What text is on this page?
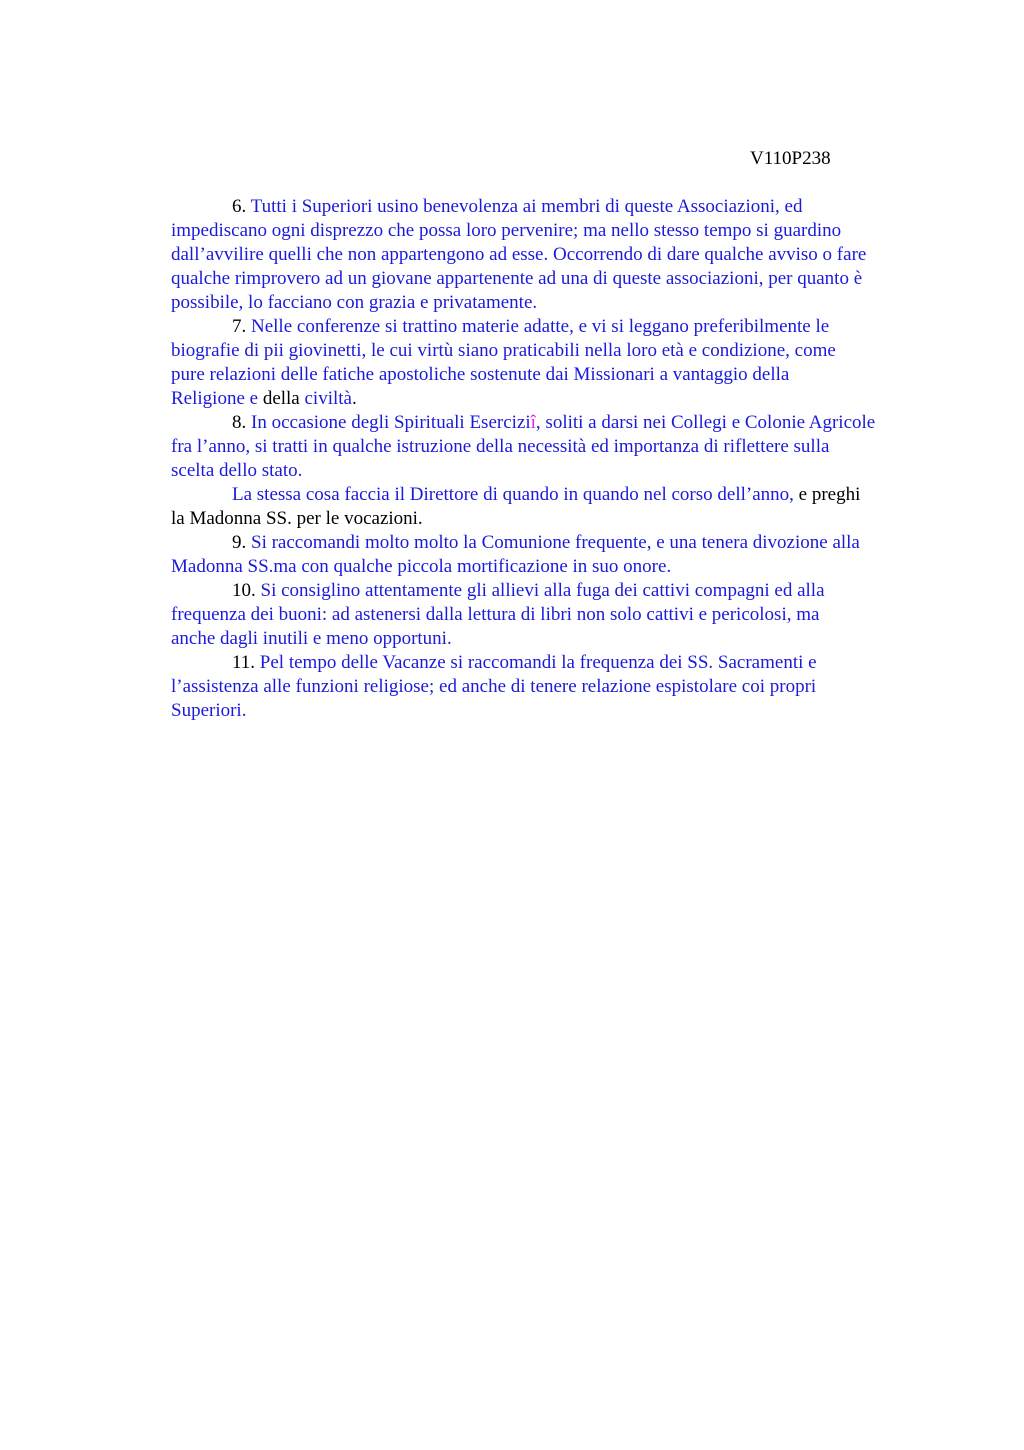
V110P238

6. Tutti i Superiori usino benevolenza ai membri di queste Associazioni, ed
impediscano ogni disprezzo che possa loro pervenire; ma nello stesso tempo si guardino
dall’avvilire quelli che non appartengono ad esse. Occorrendo di dare qualche avviso o fare
qualche rimprovero ad un giovane appartenente ad una di queste associazioni, per quanto è
possibile, lo facciano con grazia e privatamente.

7. Nelle conferenze si trattino materie adatte, e vi si leggano preferibilmente le
biografie di pii giovinetti, le cui virtù siano praticabili nella loro età e condizione, come
pure relazioni delle fatiche apostoliche sostenute dai Missionari a vantaggio della
Religione e della civiltà.

8. In occasione degli Spirituali Eserciziî, soliti a darsi nei Collegi e Colonie Agricole
fra l’anno, si tratti in qualche istruzione della necessità ed importanza di riflettere sulla
scelta dello stato.

La stessa cosa faccia il Direttore di quando in quando nel corso dell’anno, e preghi
la Madonna SS. per le vocazioni.

9. Si raccomandi molto molto la Comunione frequente, e una tenera divozione alla
Madonna SS.ma con qualche piccola mortificazione in suo onore.

10. Si consiglino attentamente gli allievi alla fuga dei cattivi compagni ed alla
frequenza dei buoni: ad astenersi dalla lettura di libri non solo cattivi e pericolosi, ma
anche dagli inutili e meno opportuni.

11. Pel tempo delle Vacanze si raccomandi la frequenza dei SS. Sacramenti e
l’assistenza alle funzioni religiose; ed anche di tenere relazione espistolare coi propri
Superiori.
